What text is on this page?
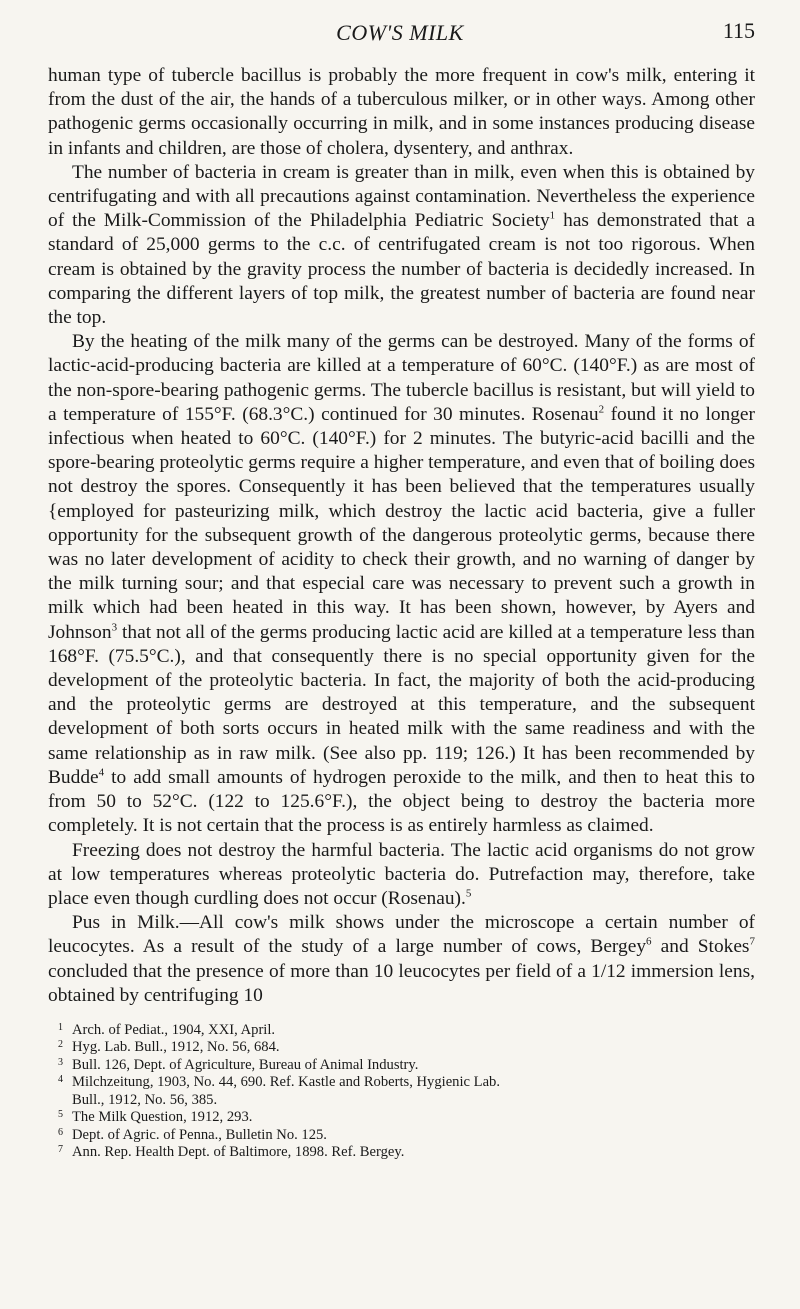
COW'S MILK	115

human type of tubercle bacillus is probably the more frequent in cow's milk, entering it from the dust of the air, the hands of a tuberculous milker, or in other ways. Among other pathogenic germs occasionally occurring in milk, and in some instances producing disease in infants and children, are those of cholera, dysentery, and anthrax.

The number of bacteria in cream is greater than in milk, even when this is obtained by centrifugating and with all precautions against contamination. Nevertheless the experience of the Milk-Commission of the Philadelphia Pediatric Society$^1$ has demonstrated that a standard of 25,000 germs to the c.c. of centrifugated cream is not too rigorous. When cream is obtained by the gravity process the number of bacteria is decidedly increased. In comparing the different layers of top milk, the greatest number of bacteria are found near the top.

By the heating of the milk many of the germs can be destroyed. Many of the forms of lactic-acid-producing bacteria are killed at a temperature of 60°C. (140°F.) as are most of the non-spore-bearing pathogenic germs. The tubercle bacillus is resistant, but will yield to a temperature of 155°F. (68.3°C.) continued for 30 minutes. Rosenau$^2$ found it no longer infectious when heated to 60°C. (140°F.) for 2 minutes. The butyric-acid bacilli and the spore-bearing proteolytic germs require a higher temperature, and even that of boiling does not destroy the spores. Consequently it has been believed that the temperatures usually {employed for pasteurizing milk, which destroy the lactic acid bacteria, give a fuller opportunity for the subsequent growth of the dangerous proteolytic germs, because there was no later development of acidity to check their growth, and no warning of danger by the milk turning sour; and that especial care was necessary to prevent such a growth in milk which had been heated in this way. It has been shown, however, by Ayers and Johnson$^3$ that not all of the germs producing lactic acid are killed at a temperature less than 168°F. (75.5°C.), and that consequently there is no special opportunity given for the development of the proteolytic bacteria. In fact, the majority of both the acid-producing and the proteolytic germs are destroyed at this temperature, and the subsequent development of both sorts occurs in heated milk with the same readiness and with the same relationship as in raw milk. (See also pp. 119; 126.) It has been recommended by Budde$^4$ to add small amounts of hydrogen peroxide to the milk, and then to heat this to from 50 to 52°C. (122 to 125.6°F.), the object being to destroy the bacteria more completely. It is not certain that the process is as entirely harmless as claimed.

Freezing does not destroy the harmful bacteria. The lactic acid organisms do not grow at low temperatures whereas proteolytic bacteria do. Putrefaction may, therefore, take place even though curdling does not occur (Rosenau).$^5$

Pus in Milk.—All cow's milk shows under the microscope a certain number of leucocytes. As a result of the study of a large number of cows, Bergey$^6$ and Stokes$^7$ concluded that the presence of more than 10 leucocytes per field of a 1/12 immersion lens, obtained by centrifuging 10

1 Arch. of Pediat., 1904, XXI, April.

2 Hyg. Lab. Bull., 1912, No. 56, 684.

3 Bull. 126, Dept. of Agriculture, Bureau of Animal Industry.

4 Milchzeitung, 1903, No. 44, 690. Ref. Kastle and Roberts, Hygienic Lab.

Bull., 1912, No. 56, 385.

5 The Milk Question, 1912, 293.

6 Dept. of Agric. of Penna., Bulletin No. 125.

7 Ann. Rep. Health Dept. of Baltimore, 1898. Ref. Bergey.
